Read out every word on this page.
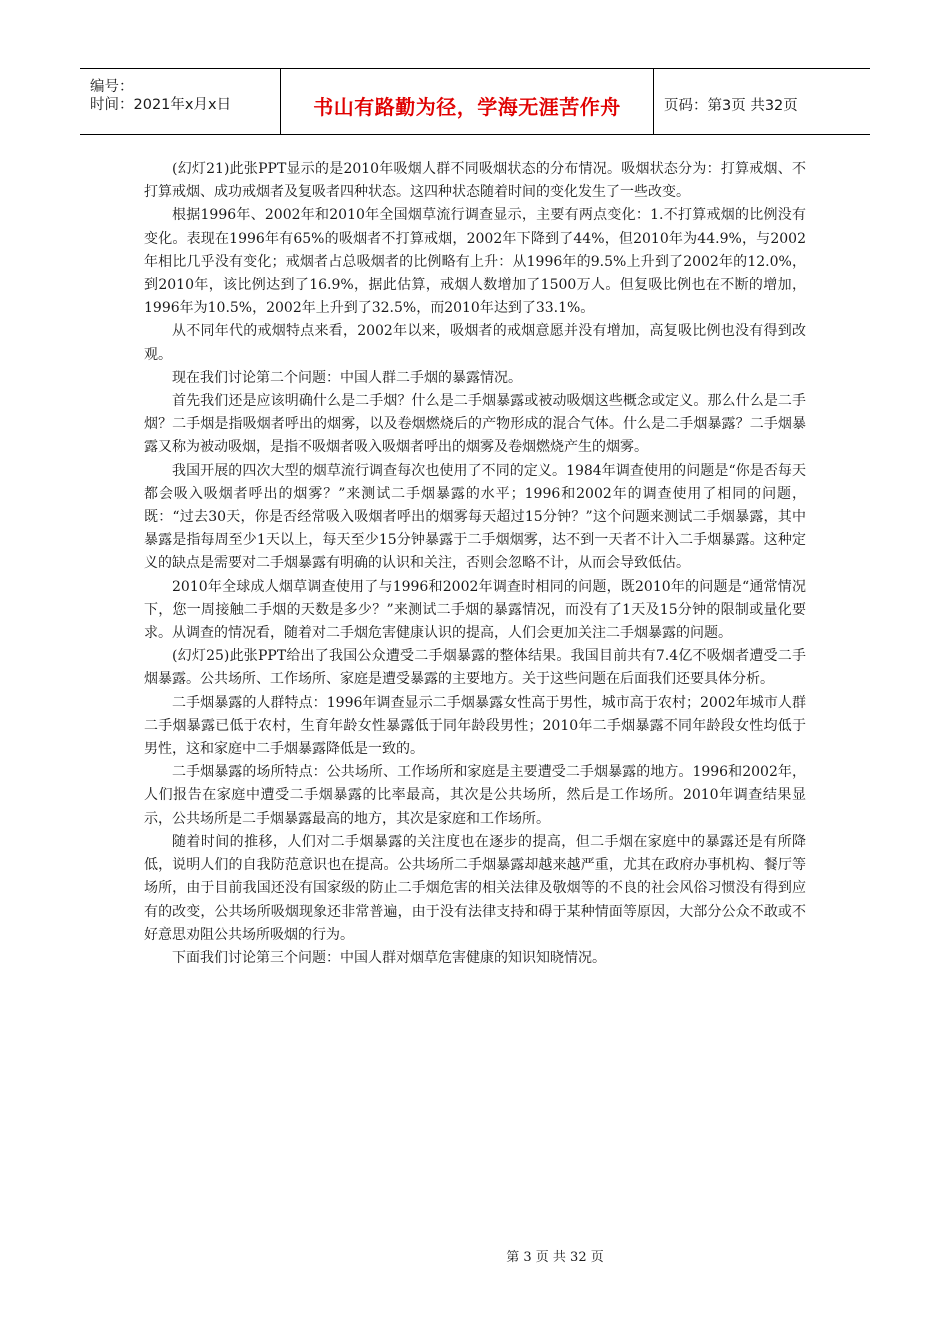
编号：
时间：2021年x月x日	书山有路勤为径，学海无涯苦作舟	页码：第3页 共32页

(幻灯21)此张PPT显示的是2010年吸烟人群不同吸烟状态的分布情况。吸烟状态分为：打算戒烟、不打算戒烟、成功戒烟者及复吸者四种状态。这四种状态随着时间的变化发生了一些改变。

根据1996年、2002年和2010年全国烟草流行调查显示，主要有两点变化：1.不打算戒烟的比例没有变化。表现在1996年有65%的吸烟者不打算戒烟，2002年下降到了44%，但2010年为44.9%，与2002年相比几乎没有变化；戒烟者占总吸烟者的比例略有上升：从1996年的9.5%上升到了2002年的12.0%，到2010年，该比例达到了16.9%，据此估算，戒烟人数增加了1500万人。但复吸比例也在不断的增加，1996年为10.5%，2002年上升到了32.5%，而2010年达到了33.1%。

从不同年代的戒烟特点来看，2002年以来，吸烟者的戒烟意愿并没有增加，高复吸比例也没有得到改观。

现在我们讨论第二个问题：中国人群二手烟的暴露情况。

首先我们还是应该明确什么是二手烟？什么是二手烟暴露或被动吸烟这些概念或定义。那么什么是二手烟？二手烟是指吸烟者呼出的烟雾，以及卷烟燃烧后的产物形成的混合气体。什么是二手烟暴露？二手烟暴露又称为被动吸烟，是指不吸烟者吸入吸烟者呼出的烟雾及卷烟燃烧产生的烟雾。

我国开展的四次大型的烟草流行调查每次也使用了不同的定义。1984年调查使用的问题是“你是否每天都会吸入吸烟者呼出的烟雾？”来测试二手烟暴露的水平；1996和2002年的调查使用了相同的问题，既：“过去30天，你是否经常吸入吸烟者呼出的烟雾每天超过15分钟？”这个问题来测试二手烟暴露，其中暴露是指每周至少1天以上，每天至少15分钟暴露于二手烟烟雾，达不到一天者不计入二手烟暴露。这种定义的缺点是需要对二手烟暴露有明确的认识和关注，否则会忽略不计，从而会导致低估。

2010年全球成人烟草调查使用了与1996和2002年调查时相同的问题，既2010年的问题是“通常情况下，您一周接触二手烟的天数是多少？”来测试二手烟的暴露情况，而没有了1天及15分钟的限制或量化要求。从调查的情况看，随着对二手烟危害健康认识的提高，人们会更加关注二手烟暴露的问题。

(幻灯25)此张PPT给出了我国公众遭受二手烟暴露的整体结果。我国目前共有7.4亿不吸烟者遭受二手烟暴露。公共场所、工作场所、家庭是遭受暴露的主要地方。关于这些问题在后面我们还要具体分析。

二手烟暴露的人群特点：1996年调查显示二手烟暴露女性高于男性，城市高于农村；2002年城市人群二手烟暴露已低于农村，生育年龄女性暴露低于同年龄段男性；2010年二手烟暴露不同年龄段女性均低于男性，这和家庭中二手烟暴露降低是一致的。

二手烟暴露的场所特点：公共场所、工作场所和家庭是主要遭受二手烟暴露的地方。1996和2002年，人们报告在家庭中遭受二手烟暴露的比率最高，其次是公共场所，然后是工作场所。2010年调查结果显示，公共场所是二手烟暴露最高的地方，其次是家庭和工作场所。

随着时间的推移，人们对二手烟暴露的关注度也在逐步的提高，但二手烟在家庭中的暴露还是有所降低，说明人们的自我防范意识也在提高。公共场所二手烟暴露却越来越严重，尤其在政府办事机构、餐厅等场所，由于目前我国还没有国家级的防止二手烟危害的相关法律及敬烟等的不良的社会风俗习惯没有得到应有的改变，公共场所吸烟现象还非常普遍，由于没有法律支持和碍于某种情面等原因，大部分公众不敢或不好意思劝阻公共场所吸烟的行为。

下面我们讨论第三个问题：中国人群对烟草危害健康的知识知晓情况。

第 3 页 共 32 页
